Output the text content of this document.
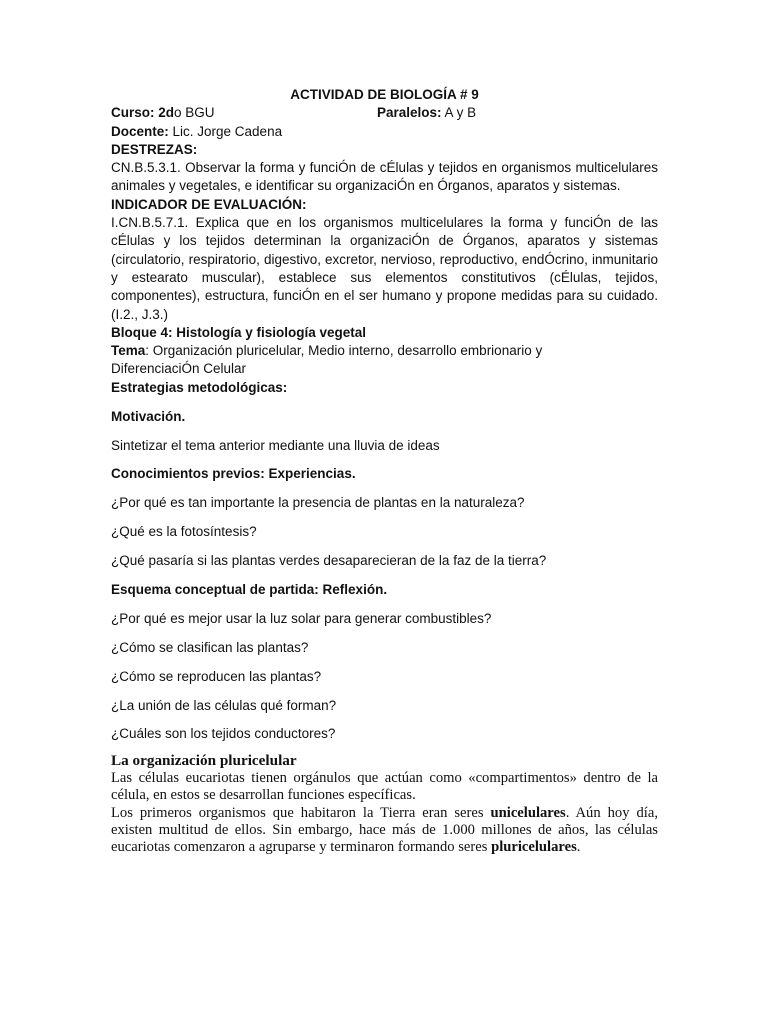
ACTIVIDAD DE BIOLOGÍA # 9

Curso: 2d o BGU	Paralelos: A y B

Docente: Lic. Jorge Cadena

DESTREZAS:

CN.B.5.3.1. Observar la forma y funciÓn de cÉlulas y tejidos en organismos multicelulares animales y vegetales, e identificar su organizaciÓn en Órganos, aparatos y sistemas.

INDICADOR DE EVALUACIÓN:

I.CN.B.5.7.1. Explica que en los organismos multicelulares la forma y funciÓn de las cÉlulas y los tejidos determinan la organizaciÓn de Órganos, aparatos y sistemas (circulatorio, respiratorio, digestivo, excretor, nervioso, reproductivo, endÓcrino, inmunitario y estearato muscular), establece sus elementos constitutivos (cÉlulas, tejidos, componentes), estructura, funciÓn en el ser humano y propone medidas para su cuidado. (I.2., J.3.)

Bloque 4: Histología y fisiología vegetal

Tema: Organización pluricelular, Medio interno, desarrollo embrionario y DiferenciaciÓn Celular

Estrategias metodológicas:

Motivación.

Sintetizar el tema anterior mediante una lluvia de ideas

Conocimientos previos: Experiencias.

¿Por qué es tan importante la presencia de plantas en la naturaleza?

¿Qué es la fotosíntesis?

¿Qué pasaría si las plantas verdes desaparecieran de la faz de la tierra?

Esquema conceptual de partida: Reflexión.

¿Por qué es mejor usar la luz solar para generar combustibles?

¿Cómo se clasifican las plantas?

¿Cómo se reproducen las plantas?

¿La unión de las células qué forman?

¿Cuáles son los tejidos conductores?

La organización pluricelular

Las células eucariotas tienen orgánulos que actúan como «compartimentos» dentro de la célula, en estos se desarrollan funciones específicas.

Los primeros organismos que habitaron la Tierra eran seres unicelulares. Aún hoy día, existen multitud de ellos. Sin embargo, hace más de 1.000 millones de años, las células eucariotas comenzaron a agruparse y terminaron formando seres pluricelulares.
